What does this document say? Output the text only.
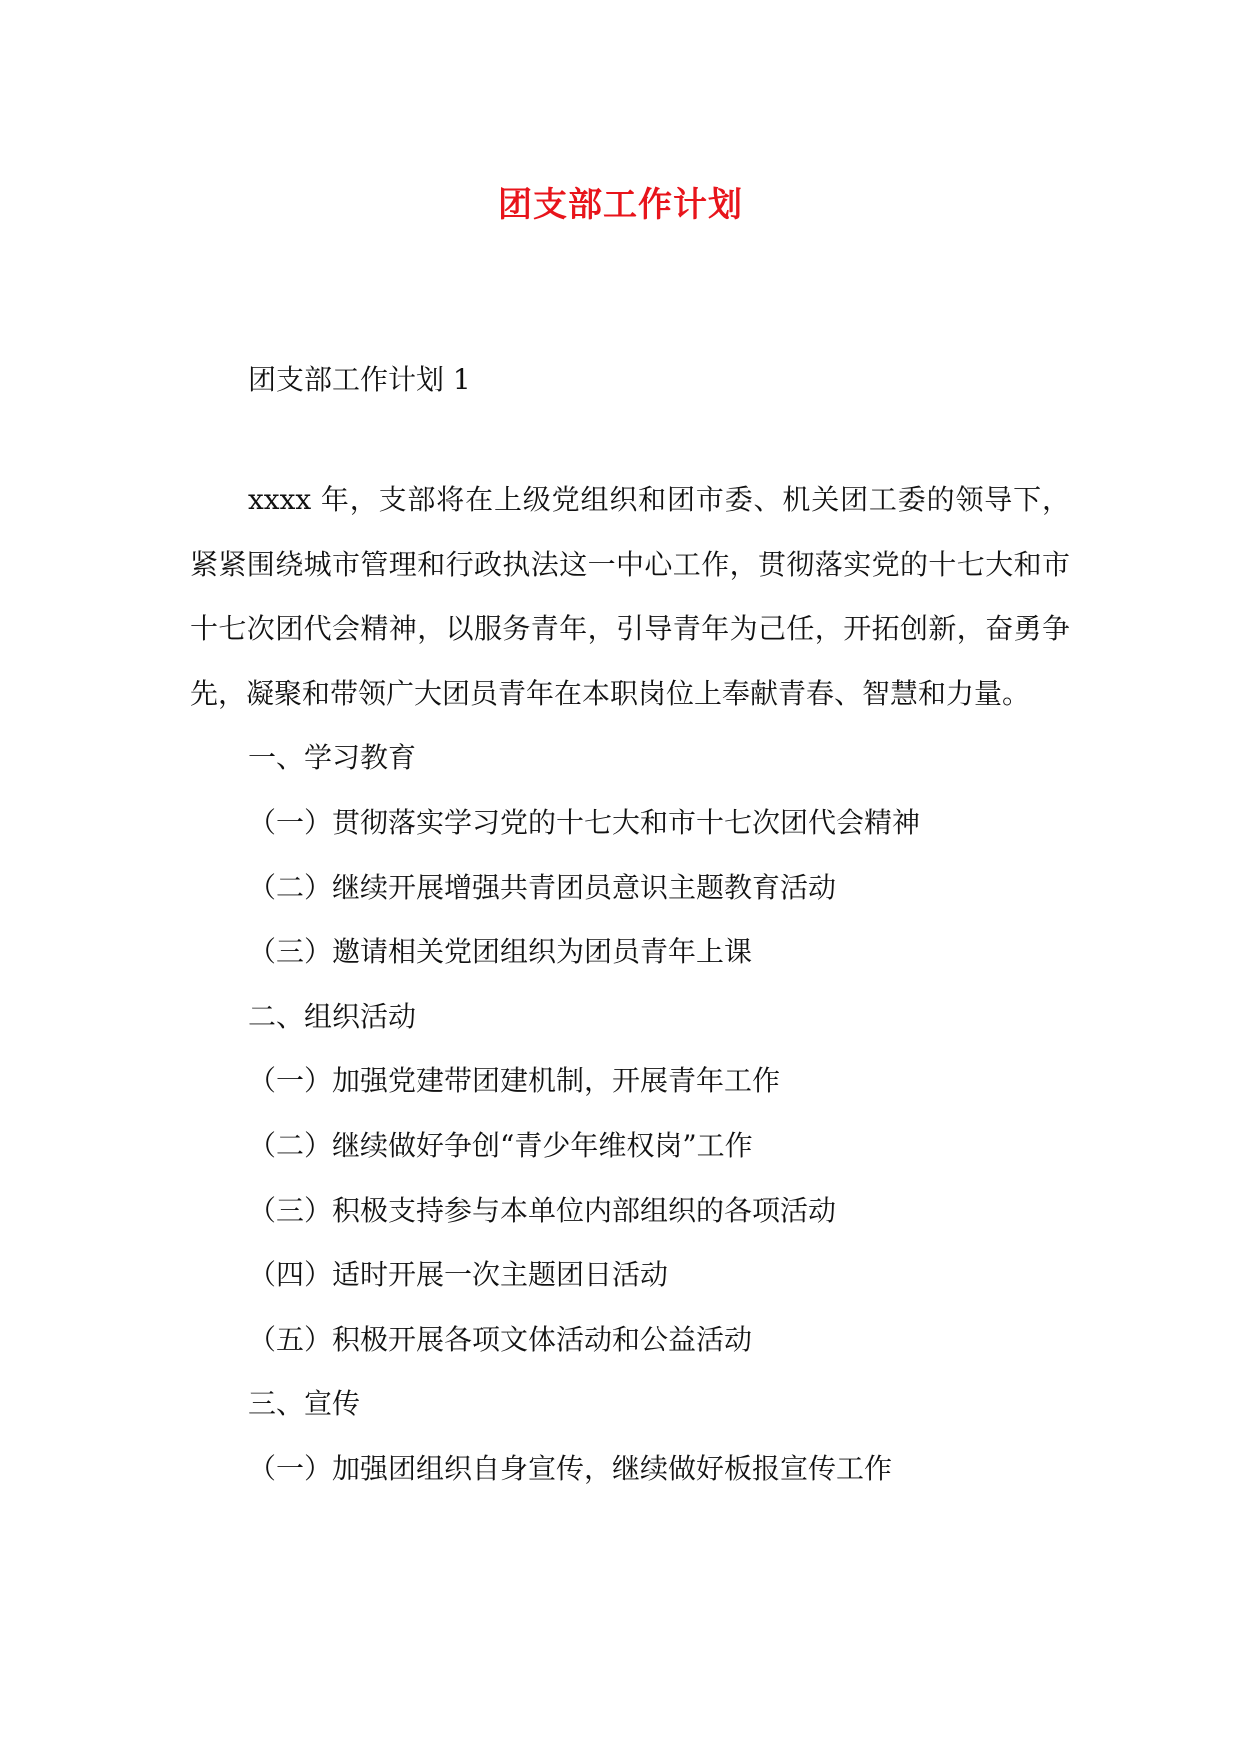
团支部工作计划

团支部工作计划 1

xxxx 年，支部将在上级党组织和团市委、机关团工委的领导下，紧紧围绕城市管理和行政执法这一中心工作，贯彻落实党的十七大和市十七次团代会精神，以服务青年，引导青年为己任，开拓创新，奋勇争先，凝聚和带领广大团员青年在本职岗位上奉献青春、智慧和力量。

一、学习教育
（一）贯彻落实学习党的十七大和市十七次团代会精神
（二）继续开展增强共青团员意识主题教育活动
（三）邀请相关党团组织为团员青年上课
二、组织活动
（一）加强党建带团建机制，开展青年工作
（二）继续做好争创“青少年维权岗”工作
（三）积极支持参与本单位内部组织的各项活动
（四）适时开展一次主题团日活动
（五）积极开展各项文体活动和公益活动
三、宣传
（一）加强团组织自身宣传，继续做好板报宣传工作
